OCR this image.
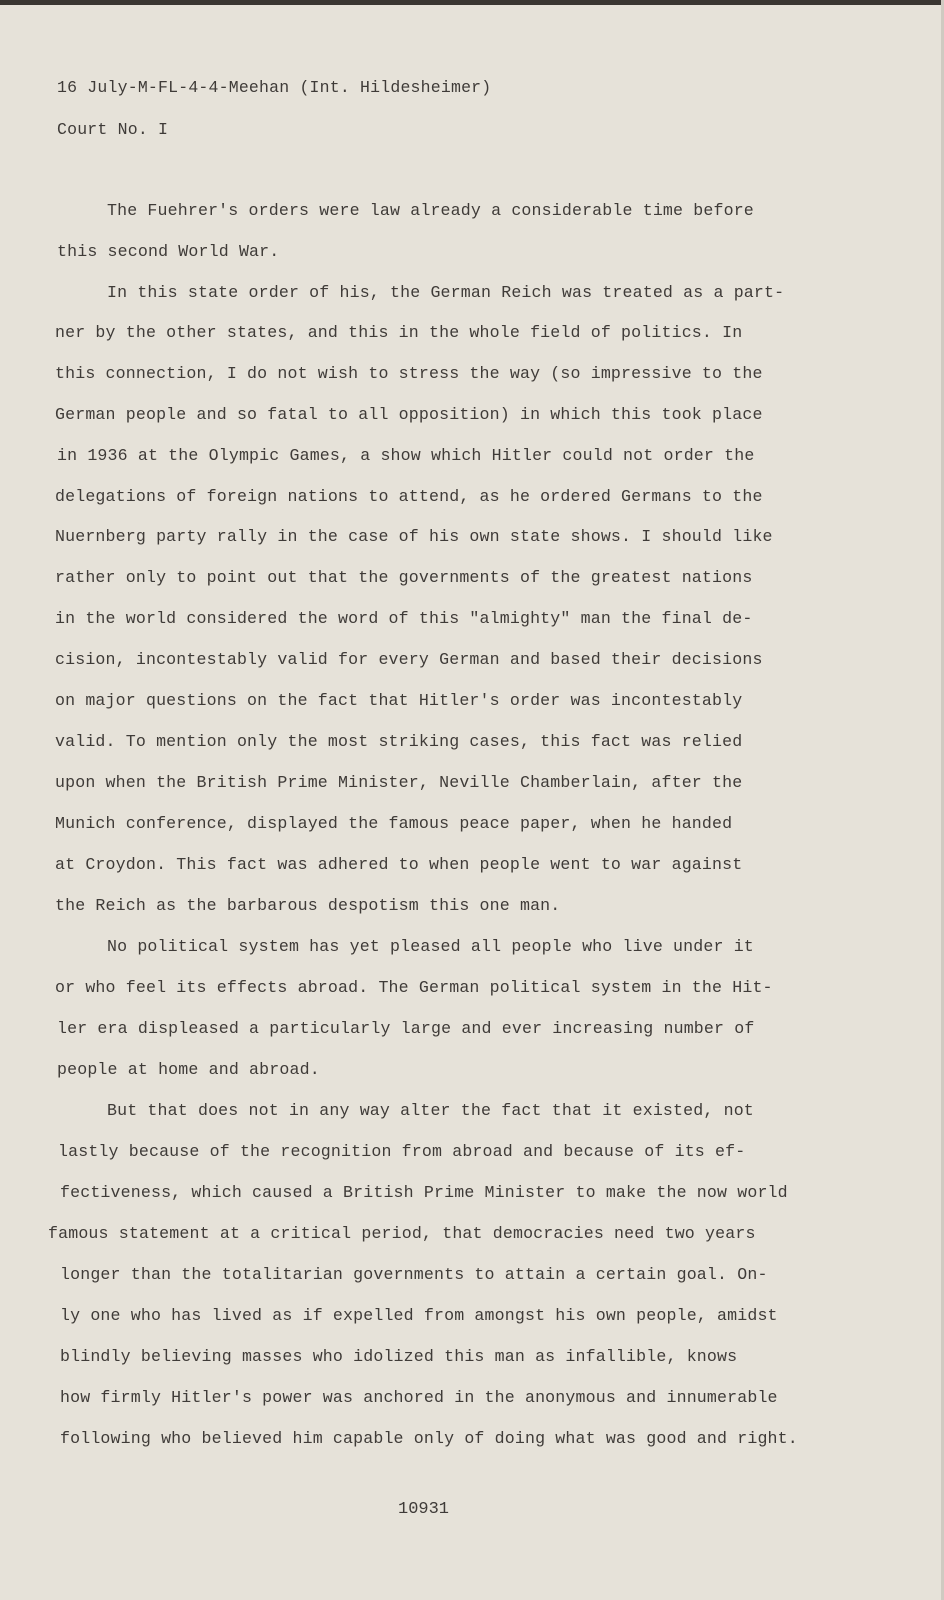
16 July-M-FL-4-4-Meehan (Int. Hildesheimer)
Court No. I
The Fuehrer's orders were law already a considerable time before
this second World War.
In this state order of his, the German Reich was treated as a part-
ner by the other states, and this in the whole field of politics. In
this connection, I do not wish to stress the way (so impressive to the
German people and so fatal to all opposition) in which this took place
in 1936 at the Olympic Games, a show which Hitler could not order the
delegations of foreign nations to attend, as he ordered Germans to the
Nuernberg party rally in the case of his own state shows. I should like
rather only to point out that the governments of the greatest nations
in the world considered the word of this "almighty" man the final de-
cision, incontestably valid for every German and based their decisions
on major questions on the fact that Hitler's order was incontestably
valid. To mention only the most striking cases, this fact was relied
upon when the British Prime Minister, Neville Chamberlain, after the
Munich conference, displayed the famous peace paper, when he handed
at Croydon. This fact was adhered to when people went to war against
the Reich as the barbarous despotism this one man.
No political system has yet pleased all people who live under it
or who feel its effects abroad. The German political system in the Hit-
ler era displeased a particularly large and ever increasing number of
people at home and abroad.
But that does not in any way alter the fact that it existed, not
lastly because of the recognition from abroad and because of its ef-
fectiveness, which caused a British Prime Minister to make the now world
famous statement at a critical period, that democracies need two years
longer than the totalitarian governments to attain a certain goal. On-
ly one who has lived as if expelled from amongst his own people, amidst
blindly believing masses who idolized this man as infallible, knows
how firmly Hitler's power was anchored in the anonymous and innumerable
following who believed him capable only of doing what was good and right.
10931
